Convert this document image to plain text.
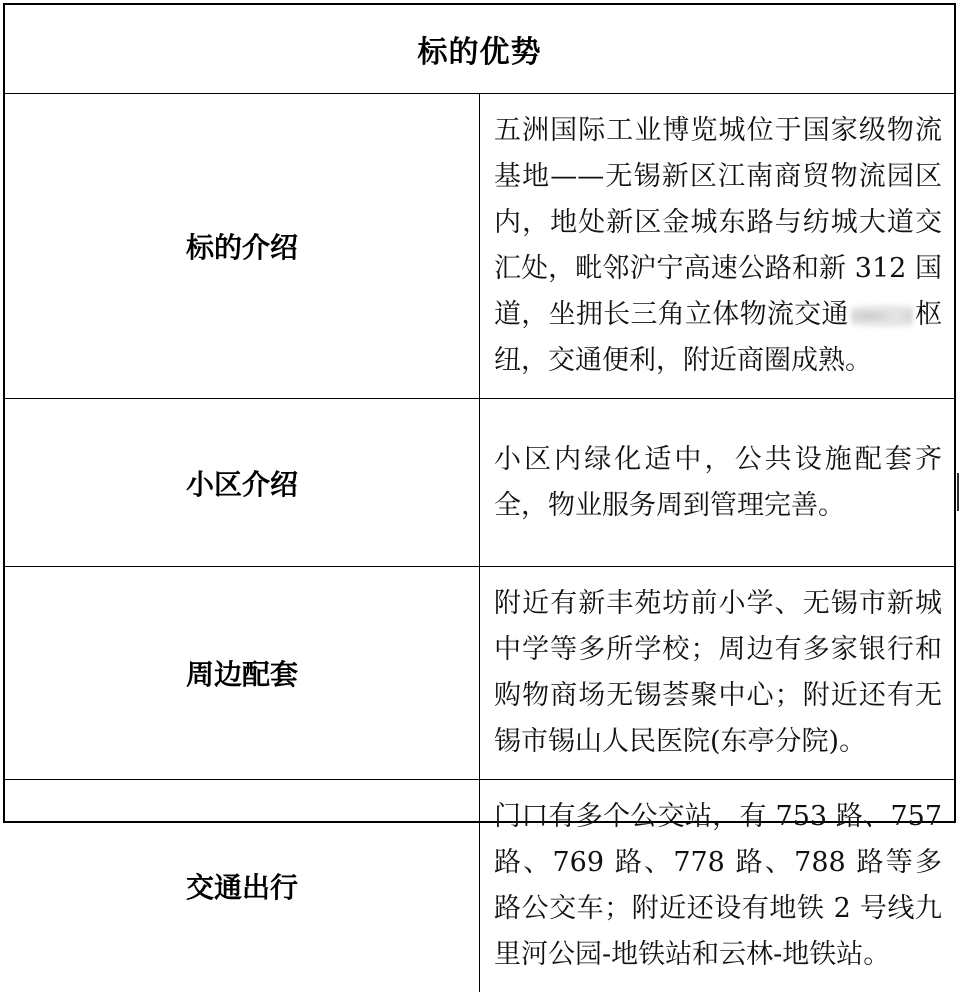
标的优势	
标的介绍	五洲国际工业博览城位于国家级物流基地——无锡新区江南商贸物流园区内，地处新区金城东路与纺城大道交汇处，毗邻沪宁高速公路和新 312 国道，坐拥长三角立体物流交通 枢纽，交通便利，附近商圈成熟。
小区介绍	小区内绿化适中，公共设施配套齐全，物业服务周到管理完善。
周边配套	附近有新丰苑坊前小学、无锡市新城中学等多所学校；周边有多家银行和购物商场无锡荟聚中心；附近还有无锡市锡山人民医院(东亭分院)。
交通出行	门口有多个公交站，有 753 路、757 路、769 路、778 路、788 路等多路公交车；附近还设有地铁 2 号线九里河公园-地铁站和云林-地铁站。
